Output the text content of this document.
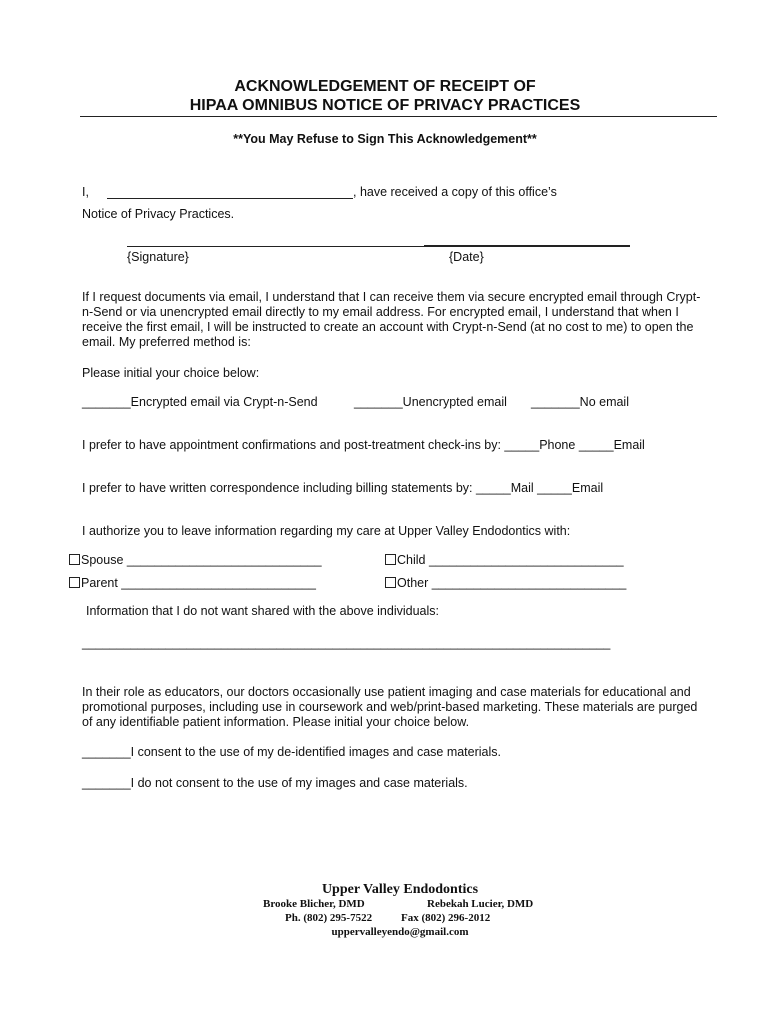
ACKNOWLEDGEMENT OF RECEIPT OF
HIPAA OMNIBUS NOTICE OF PRIVACY PRACTICES
**You May Refuse to Sign This Acknowledgement**
I,	, have received a copy of this office’s
Notice of Privacy Practices.
{Signature}	{Date}
If I request documents via email, I understand that I can receive them via secure encrypted email through Crypt-n-Send or via unencrypted email directly to my email address. For encrypted email, I understand that when I receive the first email, I will be instructed to create an account with Crypt-n-Send (at no cost to me) to open the email. My preferred method is:
Please initial your choice below:
_______Encrypted email via Crypt-n-Send	_______Unencrypted email _______No email
I prefer to have appointment confirmations and post-treatment check-ins by: _____Phone _____Email
I prefer to have written correspondence including billing statements by: _____Mail _____Email
I authorize you to leave information regarding my care at Upper Valley Endodontics with:
Spouse ____________________________	Child ____________________________
Parent ____________________________	Other ____________________________
Information that I do not want shared with the above individuals:
____________________________________________________________________________
In their role as educators, our doctors occasionally use patient imaging and case materials for educational and promotional purposes, including use in coursework and web/print-based marketing. These materials are purged of any identifiable patient information. Please initial your choice below.
_______I consent to the use of my de-identified images and case materials.
_______I do not consent to the use of my images and case materials.
Upper Valley Endodontics
Brooke Blicher, DMD	Rebekah Lucier, DMD
Ph. (802) 295-7522	Fax (802) 296-2012
uppervalleyendo@gmail.com
